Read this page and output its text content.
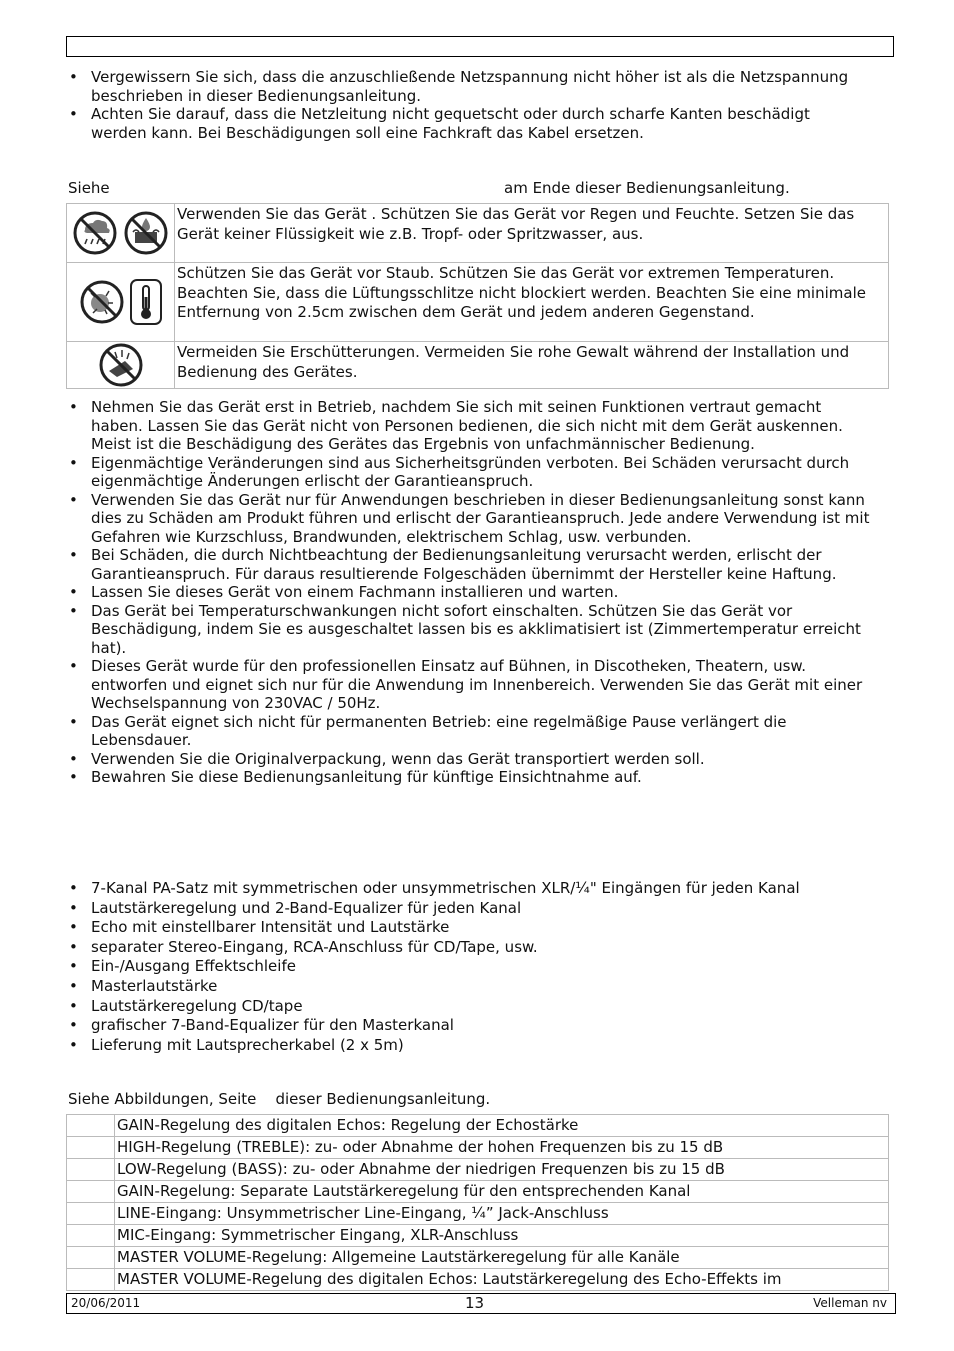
• Vergewissern Sie sich, dass die anzuschließende Netzspannung nicht höher ist als die Netzspannung beschrieben in dieser Bedienungsanleitung.
• Achten Sie darauf, dass die Netzleitung nicht gequetscht oder durch scharfe Kanten beschädigt werden kann. Bei Beschädigungen soll eine Fachkraft das Kabel ersetzen.

Siehe	am Ende dieser Bedienungsanleitung.

	Verwenden Sie das Gerät . Schützen Sie das Gerät vor Regen und Feuchte. Setzen Sie das Gerät keiner Flüssigkeit wie z.B. Tropf- oder Spritzwasser, aus.
	Schützen Sie das Gerät vor Staub. Schützen Sie das Gerät vor extremen Temperaturen. Beachten Sie, dass die Lüftungsschlitze nicht blockiert werden. Beachten Sie eine minimale Entfernung von 2.5cm zwischen dem Gerät und jedem anderen Gegenstand.
	Vermeiden Sie Erschütterungen. Vermeiden Sie rohe Gewalt während der Installation und Bedienung des Gerätes.
• Nehmen Sie das Gerät erst in Betrieb, nachdem Sie sich mit seinen Funktionen vertraut gemacht haben. Lassen Sie das Gerät nicht von Personen bedienen, die sich nicht mit dem Gerät auskennen. Meist ist die Beschädigung des Gerätes das Ergebnis von unfachmännischer Bedienung.
• Eigenmächtige Veränderungen sind aus Sicherheitsgründen verboten. Bei Schäden verursacht durch eigenmächtige Änderungen erlischt der Garantieanspruch.
• Verwenden Sie das Gerät nur für Anwendungen beschrieben in dieser Bedienungsanleitung sonst kann dies zu Schäden am Produkt führen und erlischt der Garantieanspruch. Jede andere Verwendung ist mit Gefahren wie Kurzschluss, Brandwunden, elektrischem Schlag, usw. verbunden.
• Bei Schäden, die durch Nichtbeachtung der Bedienungsanleitung verursacht werden, erlischt der Garantieanspruch. Für daraus resultierende Folgeschäden übernimmt der Hersteller keine Haftung.
• Lassen Sie dieses Gerät von einem Fachmann installieren und warten.
• Das Gerät bei Temperaturschwankungen nicht sofort einschalten. Schützen Sie das Gerät vor Beschädigung, indem Sie es ausgeschaltet lassen bis es akklimatisiert ist (Zimmertemperatur erreicht hat).
• Dieses Gerät wurde für den professionellen Einsatz auf Bühnen, in Discotheken, Theatern, usw. entworfen und eignet sich nur für die Anwendung im Innenbereich. Verwenden Sie das Gerät mit einer Wechselspannung von 230VAC / 50Hz.
• Das Gerät eignet sich nicht für permanenten Betrieb: eine regelmäßige Pause verlängert die Lebensdauer.
• Verwenden Sie die Originalverpackung, wenn das Gerät transportiert werden soll.
• Bewahren Sie diese Bedienungsanleitung für künftige Einsichtnahme auf.
• 7-Kanal PA-Satz mit symmetrischen oder unsymmetrischen XLR/¼" Eingängen für jeden Kanal
• Lautstärkeregelung und 2-Band-Equalizer für jeden Kanal
• Echo mit einstellbarer Intensität und Lautstärke
• separater Stereo-Eingang, RCA-Anschluss für CD/Tape, usw.
• Ein-/Ausgang Effektschleife
• Masterlautstärke
• Lautstärkeregelung CD/tape
• grafischer 7-Band-Equalizer für den Masterkanal
• Lieferung mit Lautsprecherkabel (2 x 5m)

Siehe Abbildungen, Seite    dieser Bedienungsanleitung.

	GAIN-Regelung des digitalen Echos: Regelung der Echostärke
	HIGH-Regelung (TREBLE): zu- oder Abnahme der hohen Frequenzen bis zu 15 dB
	LOW-Regelung (BASS): zu- oder Abnahme der niedrigen Frequenzen bis zu 15 dB
	GAIN-Regelung: Separate Lautstärkeregelung für den entsprechenden Kanal
	LINE-Eingang: Unsymmetrischer Line-Eingang, ¼” Jack-Anschluss
	MIC-Eingang: Symmetrischer Eingang, XLR-Anschluss
	MASTER VOLUME-Regelung: Allgemeine Lautstärkeregelung für alle Kanäle
	MASTER VOLUME-Regelung des digitalen Echos: Lautstärkeregelung des Echo-Effekts im
20/06/2011	13	Velleman nv
